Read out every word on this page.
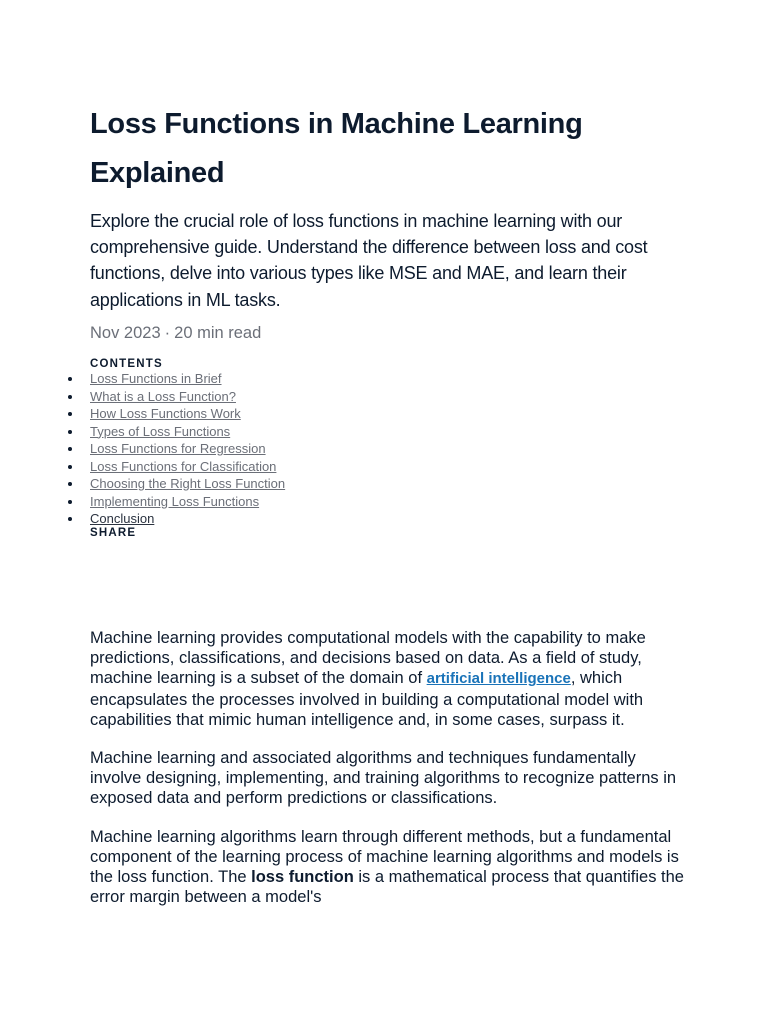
Loss Functions in Machine Learning Explained

Explore the crucial role of loss functions in machine learning with our comprehensive guide. Understand the difference between loss and cost functions, delve into various types like MSE and MAE, and learn their applications in ML tasks.

Nov 2023 · 20 min read

CONTENTS
Loss Functions in Brief
What is a Loss Function?
How Loss Functions Work
Types of Loss Functions
Loss Functions for Regression
Loss Functions for Classification
Choosing the Right Loss Function
Implementing Loss Functions
Conclusion
SHARE

Machine learning provides computational models with the capability to make predictions, classifications, and decisions based on data. As a field of study, machine learning is a subset of the domain of artificial intelligence, which encapsulates the processes involved in building a computational model with capabilities that mimic human intelligence and, in some cases, surpass it.

Machine learning and associated algorithms and techniques fundamentally involve designing, implementing, and training algorithms to recognize patterns in exposed data and perform predictions or classifications.

Machine learning algorithms learn through different methods, but a fundamental component of the learning process of machine learning algorithms and models is the loss function. The loss function is a mathematical process that quantifies the error margin between a model's
